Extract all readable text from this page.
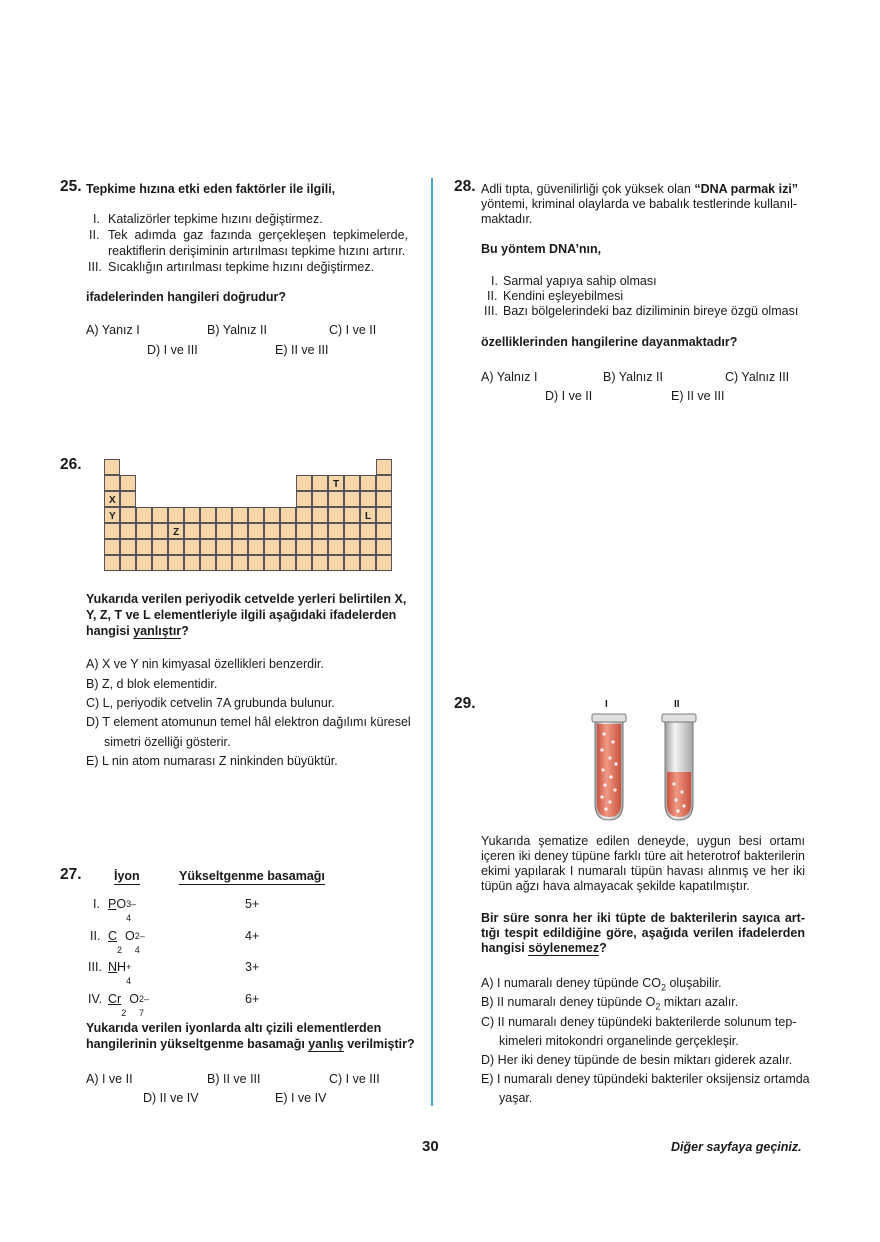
25. Tepkime hızına etki eden faktörler ile ilgili,
I. Katalizörler tepkime hızını değiştirmez.
II. Tek adımda gaz fazında gerçekleşen tepkimelerde,
reaktiflerin derişiminin artırılması tepkime hızını artırır.
III. Sıcaklığın artırılması tepkime hızını değiştirmez.
ifadelerinden hangileri doğrudur?
A) Yanız I	B) Yalnız II	C) I ve II
D) I ve III	E) II ve III
26.
X
Y
Z
T
L
Yukarıda verilen periyodik cetvelde yerleri belirtilen X,
Y, Z, T ve L elementleriyle ilgili aşağıdaki ifadelerden
hangisi yanlıştır?
A) X ve Y nin kimyasal özellikleri benzerdir.
B) Z, d blok elementidir.
C) L, periyodik cetvelin 7A grubunda bulunur.
D) T element atomunun temel hâl elektron dağılımı küresel
simetri özelliği gösterir.
E) L nin atom numarası Z ninkinden büyüktür.
27.	İyon	Yükseltgenme basamağı
I. PO 3–
4
5+
II. C
2
O 2–
4
4+
III. NH +
4
3+
IV. Cr
2
O 2–
7
6+
Yukarıda verilen iyonlarda altı çizili elementlerden
hangilerinin yükseltgenme basamağı yanlış verilmiştir?
A) I ve II	B) II ve III	C) I ve III
D) II ve IV	E) I ve IV
28. Adli tıpta, güvenilirliği çok yüksek olan “DNA parmak izi”
yöntemi, kriminal olaylarda ve babalık testlerinde kullanıl-
maktadır.
Bu yöntem DNA’nın,
I. Sarmal yapıya sahip olması
II. Kendini eşleyebilmesi
III. Bazı bölgelerindeki baz diziliminin bireye özgü olması
özelliklerinden hangilerine dayanmaktadır?
A) Yalnız I	B) Yalnız II	C) Yalnız III
D) I ve II	E) II ve III
29.	I	II
Yukarıda şematize edilen deneyde, uygun besi ortamı
içeren iki deney tüpüne farklı türe ait heterotrof bakterilerin
ekimi yapılarak I numaralı tüpün havası alınmış ve her iki
tüpün ağzı hava almayacak şekilde kapatılmıştır.
Bir süre sonra her iki tüpte de bakterilerin sayıca art-
tığı tespit edildiğine göre, aşağıda verilen ifadelerden
hangisi söylenemez?
A) I numaralı deney tüpünde $CO_2$ oluşabilir.
B) II numaralı deney tüpünde $O_2$ miktarı azalır.
C) II numaralı deney tüpündeki bakterilerde solunum tep-
kimeleri mitokondri organelinde gerçekleşir.
D) Her iki deney tüpünde de besin miktarı giderek azalır.
E) I numaralı deney tüpündeki bakteriler oksijensiz ortamda
yaşar.
30	Diğer sayfaya geçiniz.
